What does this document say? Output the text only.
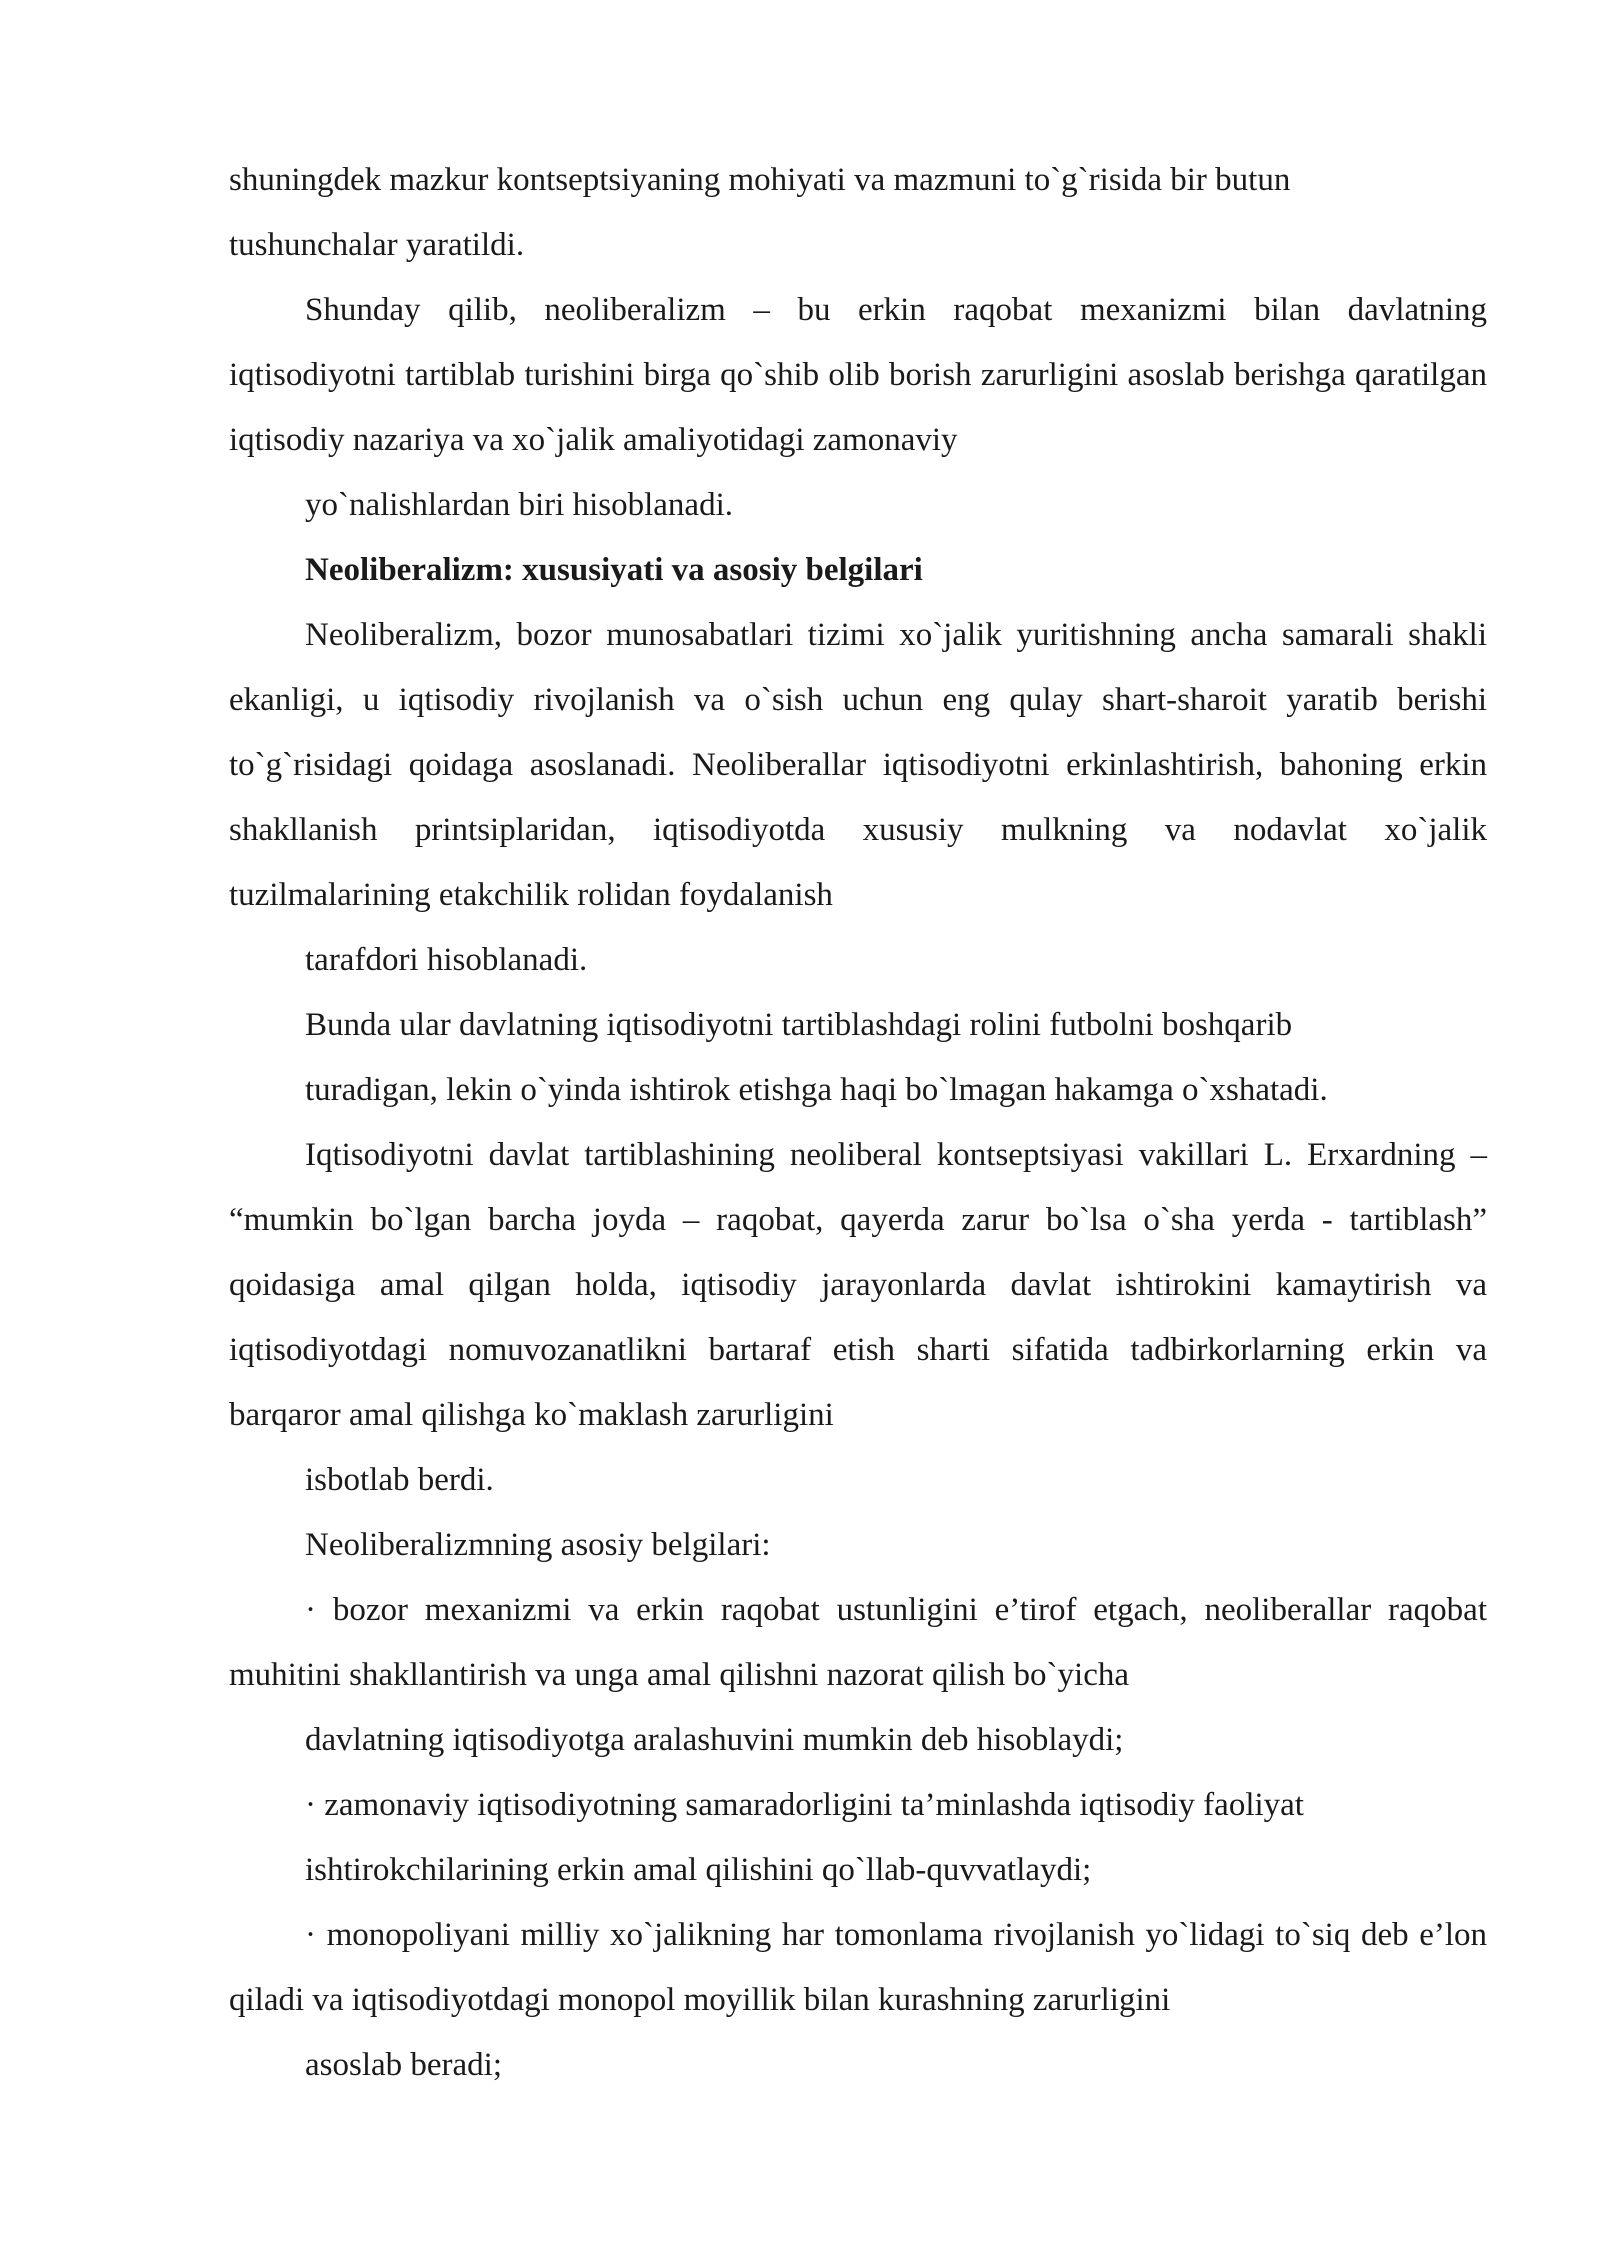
shuningdek mazkur kontseptsiyaning mohiyati va mazmuni to`g`risida bir butun
tushunchalar yaratildi.

Shunday qilib, neoliberalizm – bu erkin raqobat mexanizmi bilan davlatning iqtisodiyotni tartiblab turishini birga qo`shib olib borish zarurligini asoslab berishga qaratilgan iqtisodiy nazariya va xo`jalik amaliyotidagi zamonaviy
yo`nalishlardan biri hisoblanadi.

Neoliberalizm: xususiyati va asosiy belgilari

Neoliberalizm, bozor munosabatlari tizimi xo`jalik yuritishning ancha samarali shakli ekanligi, u iqtisodiy rivojlanish va o`sish uchun eng qulay shart-sharoit yaratib berishi to`g`risidagi qoidaga asoslanadi. Neoliberallar iqtisodiyotni erkinlashtirish, bahoning erkin shakllanish printsiplaridan, iqtisodiyotda xususiy mulkning va nodavlat xo`jalik tuzilmalarining etakchilik rolidan foydalanish
tarafdori hisoblanadi.

Bunda ular davlatning iqtisodiyotni tartiblashdagi rolini futbolni boshqarib
turadigan, lekin o`yinda ishtirok etishga haqi bo`lmagan hakamga o`xshatadi.

Iqtisodiyotni davlat tartiblashining neoliberal kontseptsiyasi vakillari L. Erxardning – “mumkin bo`lgan barcha joyda – raqobat, qayerda zarur bo`lsa o`sha yerda - tartiblash” qoidasiga amal qilgan holda, iqtisodiy jarayonlarda davlat ishtirokini kamaytirish va iqtisodiyotdagi nomuvozanatlikni bartaraf etish sharti sifatida tadbirkorlarning erkin va barqaror amal qilishga ko`maklash zarurligini
isbotlab berdi.

Neoliberalizmning asosiy belgilari:

· bozor mexanizmi va erkin raqobat ustunligini e’tirof etgach, neoliberallar raqobat muhitini shakllantirish va unga amal qilishni nazorat qilish bo`yicha
davlatning iqtisodiyotga aralashuvini mumkin deb hisoblaydi;

· zamonaviy iqtisodiyotning samaradorligini ta’minlashda iqtisodiy faoliyat
ishtirokchilarining erkin amal qilishini qo`llab-quvvatlaydi;

· monopoliyani milliy xo`jalikning har tomonlama rivojlanish yo`lidagi to`siq deb e’lon qiladi va iqtisodiyotdagi monopol moyillik bilan kurashning zarurligini
asoslab beradi;
